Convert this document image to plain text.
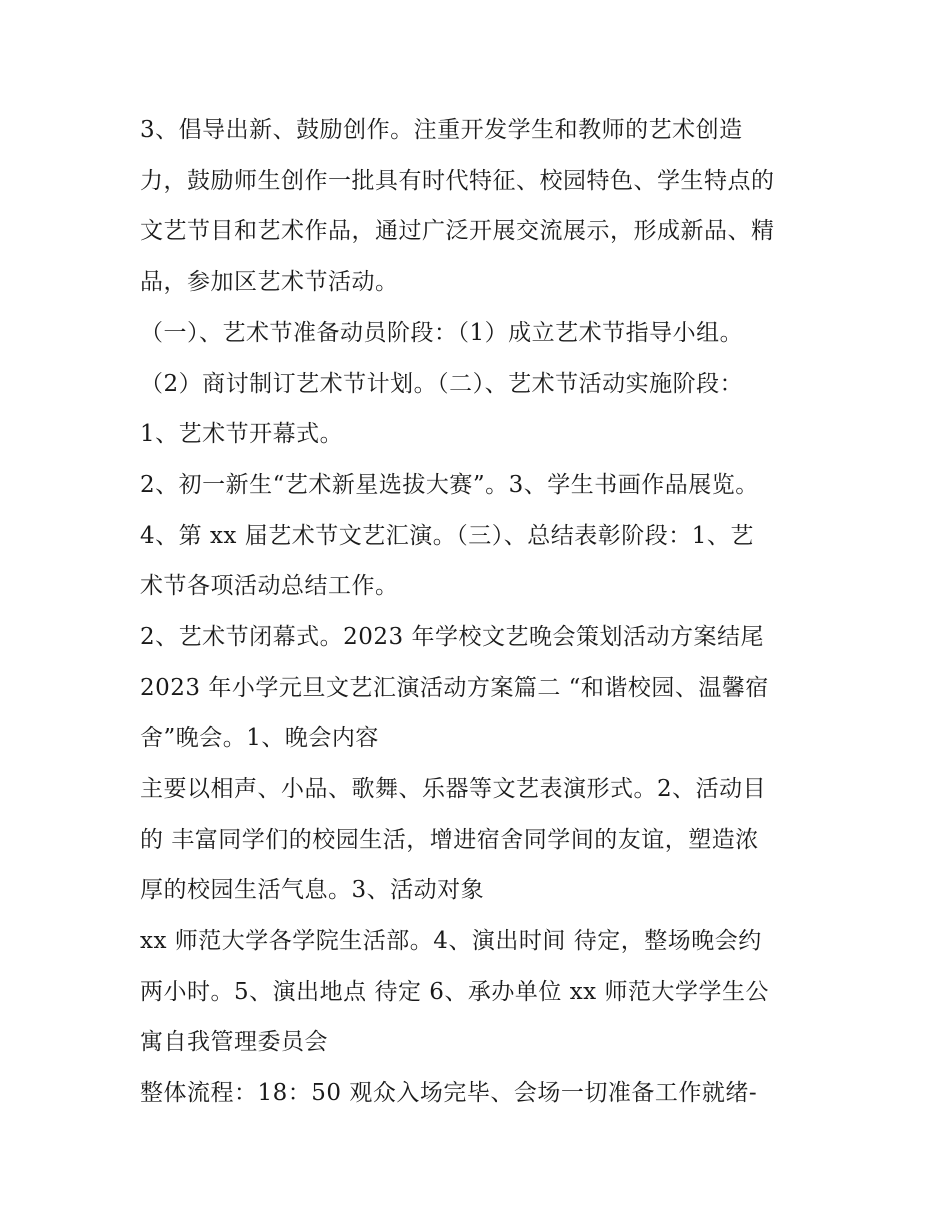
3、倡导出新、鼓励创作。注重开发学生和教师的艺术创造
力，鼓励师生创作一批具有时代特征、校园特色、学生特点的
文艺节目和艺术作品，通过广泛开展交流展示，形成新品、精
品，参加区艺术节活动。
（一）、艺术节准备动员阶段：（1）成立艺术节指导小组。
（2）商讨制订艺术节计划。（二）、艺术节活动实施阶段：
1、艺术节开幕式。
2、初一新生“艺术新星选拔大赛”。3、学生书画作品展览。
4、第 xx 届艺术节文艺汇演。（三）、总结表彰阶段：1、艺
术节各项活动总结工作。
2、艺术节闭幕式。2023 年学校文艺晚会策划活动方案结尾
2023 年小学元旦文艺汇演活动方案篇二 “和谐校园、温馨宿
舍”晚会。1、晚会内容
主要以相声、小品、歌舞、乐器等文艺表演形式。2、活动目
的 丰富同学们的校园生活，增进宿舍同学间的友谊，塑造浓
厚的校园生活气息。3、活动对象
xx 师范大学各学院生活部。4、演出时间 待定，整场晚会约
两小时。5、演出地点 待定 6、承办单位 xx 师范大学学生公
寓自我管理委员会
整体流程：18：50 观众入场完毕、会场一切准备工作就绪-
